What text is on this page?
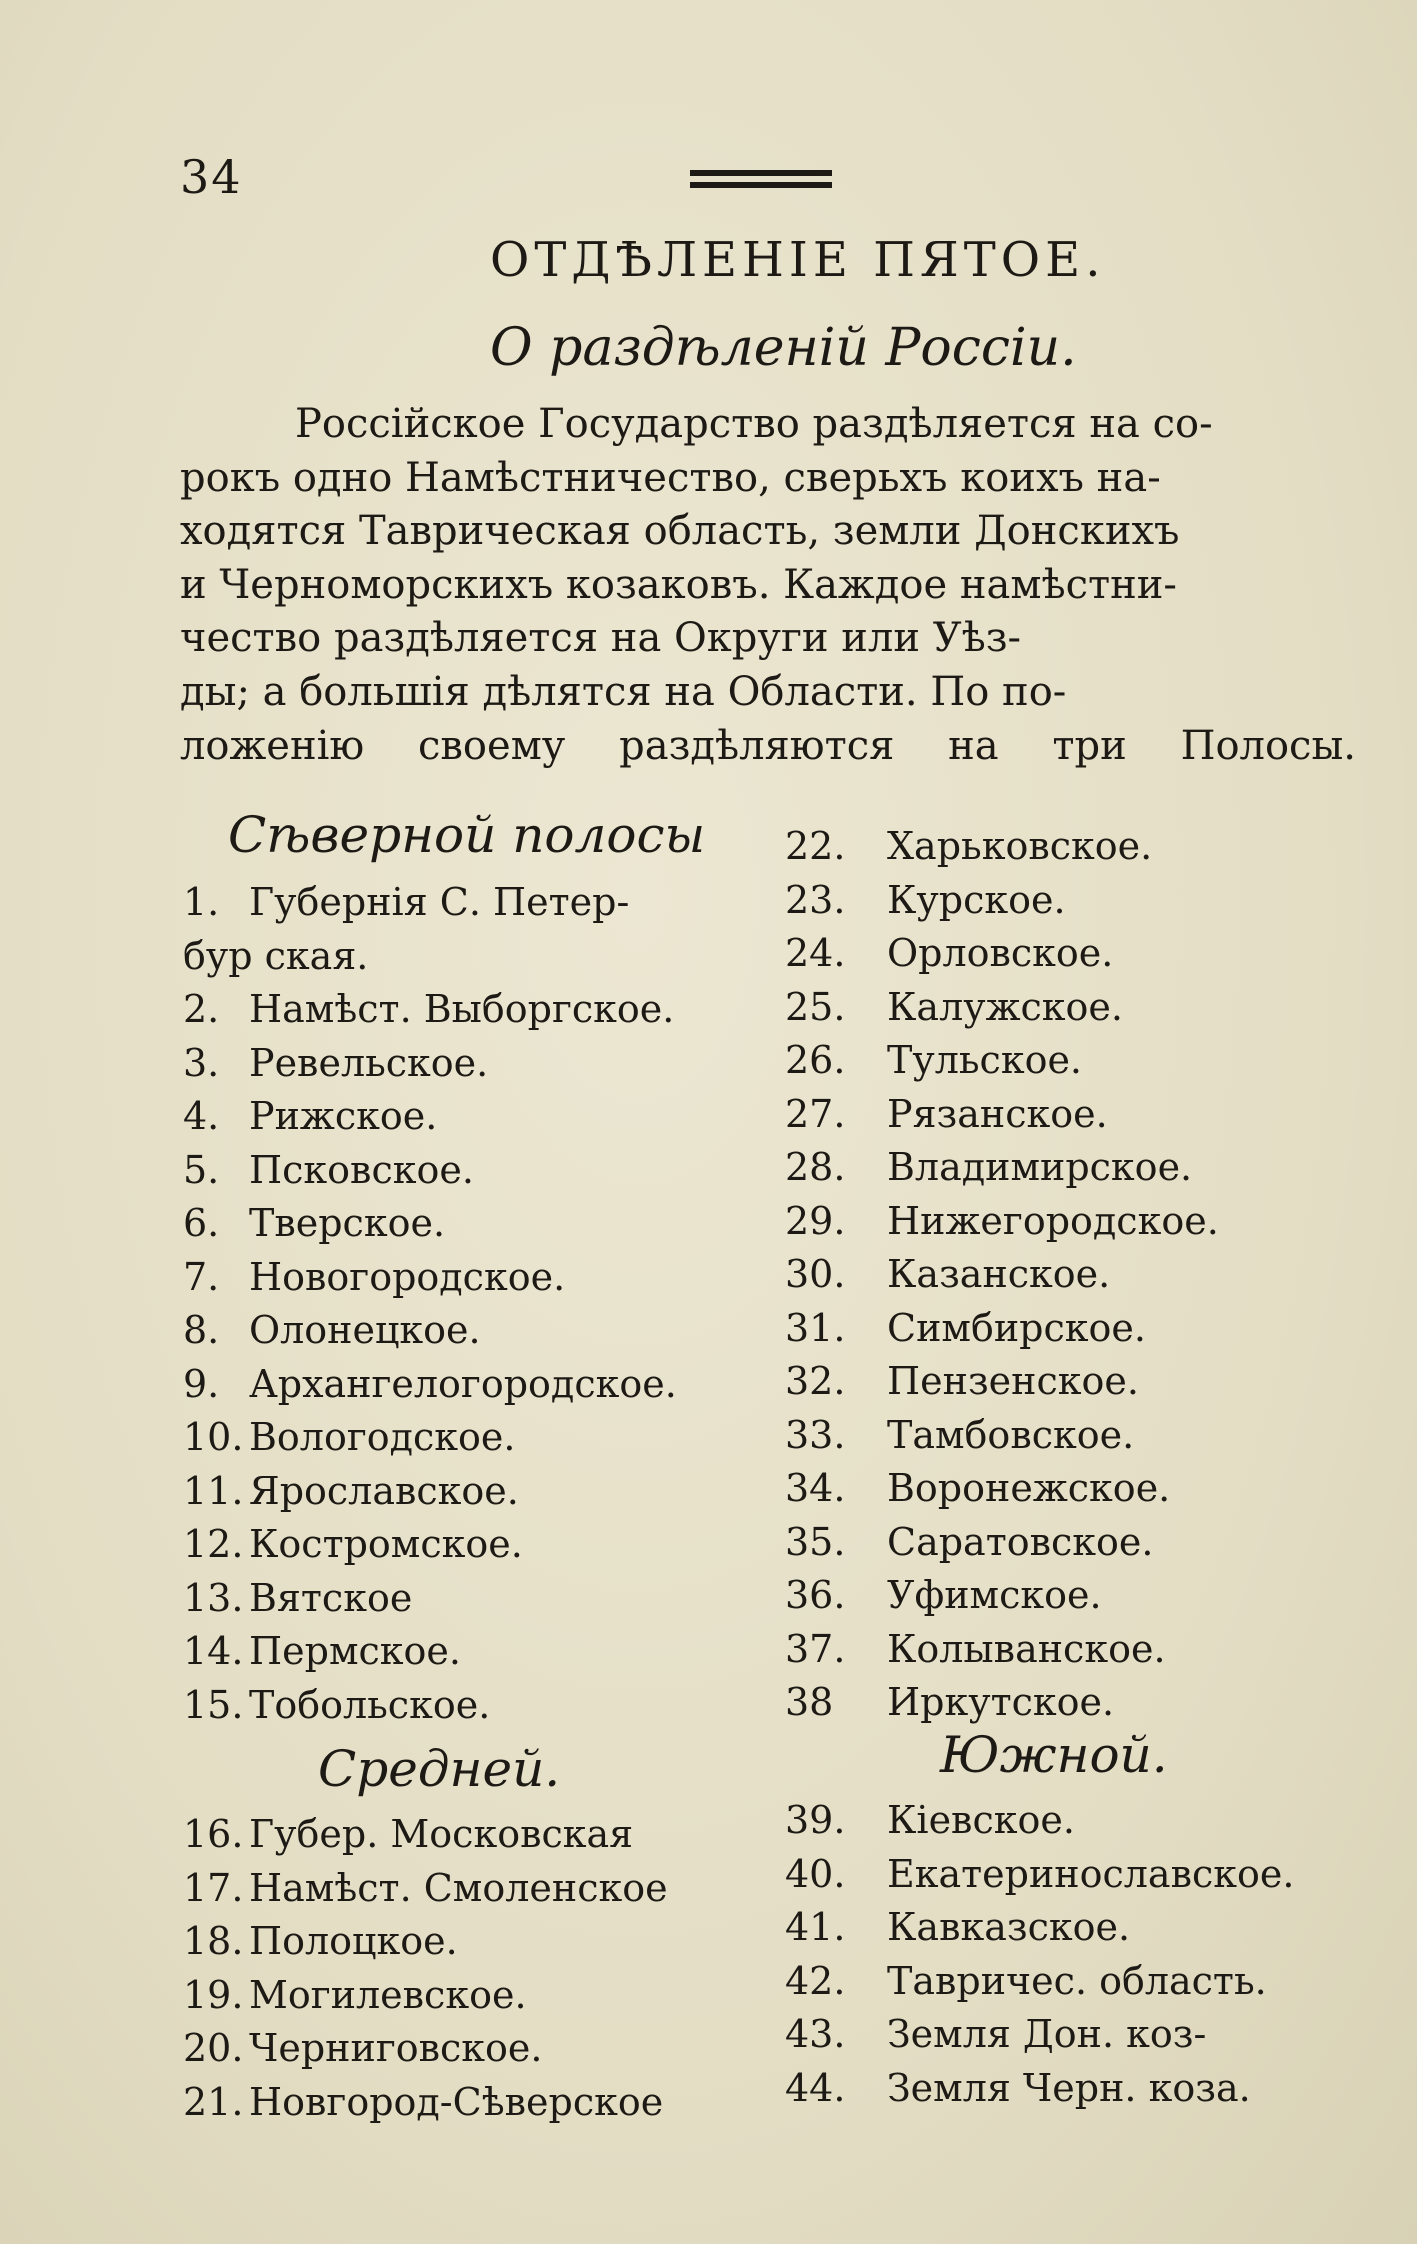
34
ОТДѢЛЕНІЕ ПЯТОЕ.
О раздѣленій Россіи.

Россійское Государство раздѣляется на со-

рокъ одно Намѣстничество, сверьхъ коихъ на-

ходятся Таврическая область, земли Донскихъ

и Черноморскихъ козаковъ. Каждое намѣстни-

чество раздѣляется на Округи или Уѣз-

ды; а большія дѣлятся на Области. По по-

ложенію своему раздѣляются на три Полосы.

Сѣверной полосы
1. Губернія С. Петер-
бур ская.
2. Намѣст. Выборгское.
3. Ревельское.
4. Рижское.
5. Псковское.
6. Тверское.
7. Новогородское.
8. Олонецкое.
9. Архангелогородское.
10. Вологодское.
11. Ярославское.
12. Костромское.
13. Вятское
14. Пермское.
15. Тобольское.
22. Харьковское.
23. Курское.
24. Орловское.
25. Калужское.
26. Тульское.
27. Рязанское.
28. Владимирское.
29. Нижегородское.
30. Казанское.
31. Симбирское.
32. Пензенское.
33. Тамбовское.
34. Воронежское.
35. Саратовское.
36. Уфимское.
37. Колыванское.
38 Иркутское.
Средней.
16. Губер. Московская
17. Намѣст. Смоленское
18. Полоцкое.
19. Могилевское.
20. Черниговское.
21. Новгород-Сѣверское
Южной.
39. Кіевское.
40. Екатеринославское.
41. Кавказское.
42. Тавричес. область.
43. Земля Дон. коз-
44. Земля Черн. коза.
